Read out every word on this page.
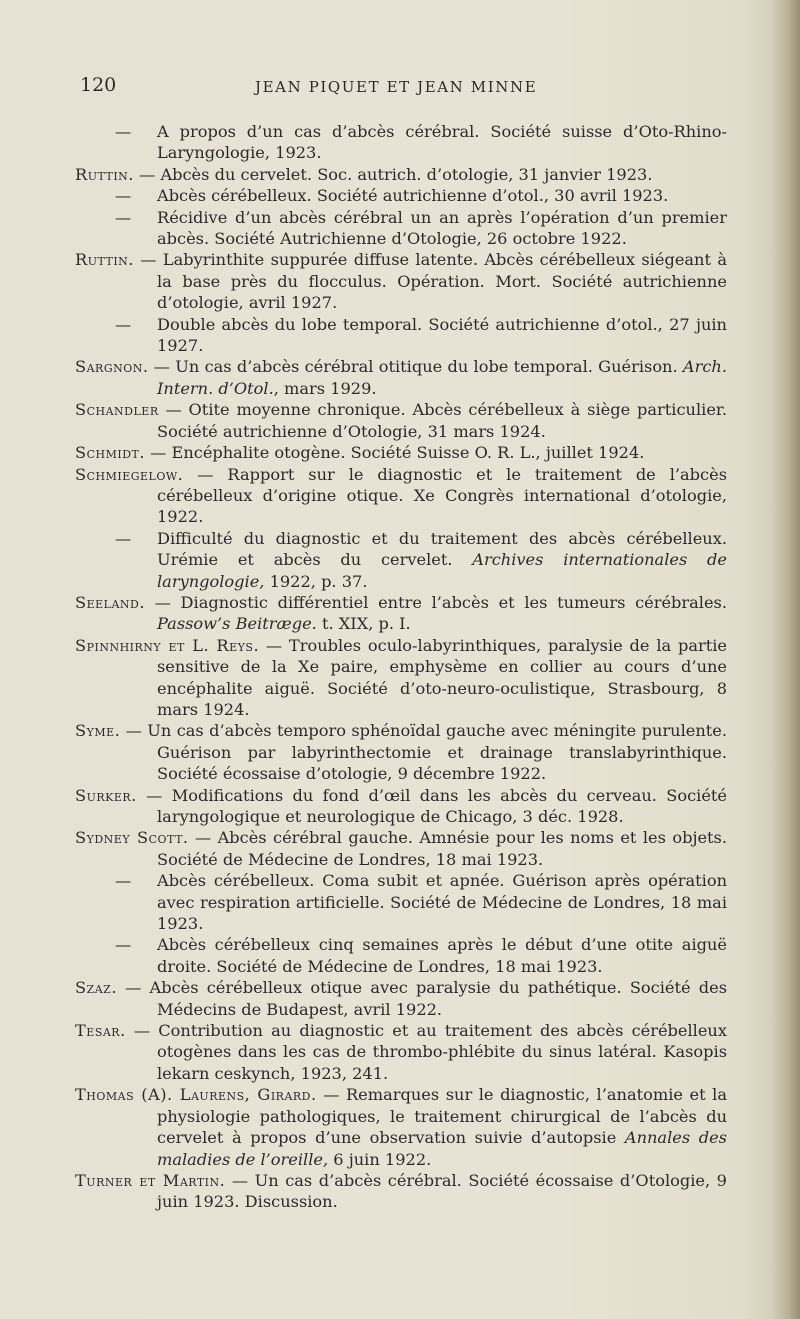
120	JEAN PIQUET ET JEAN MINNE
— A propos d’un cas d’abcès cérébral. Société suisse d’Oto-Rhino-Laryngologie, 1923.
Ruttin. — Abcès du cervelet. Soc. autrich. d’otologie, 31 janvier 1923.
— Abcès cérébelleux. Société autrichienne d’otol., 30 avril 1923.
— Récidive d’un abcès cérébral un an après l’opération d’un premier abcès. Société Autrichienne d’Otologie, 26 octobre 1922.
Ruttin. — Labyrinthite suppurée diffuse latente. Abcès cérébelleux siégeant à la base près du flocculus. Opération. Mort. Société autrichienne d’otologie, avril 1927.
— Double abcès du lobe temporal. Société autrichienne d’otol., 27 juin 1927.
Sargnon. — Un cas d’abcès cérébral otitique du lobe temporal. Guérison. Arch. Intern. d’Otol., mars 1929.
Schandler — Otite moyenne chronique. Abcès cérébelleux à siège particulier. Société autrichienne d’Otologie, 31 mars 1924.
Schmidt. — Encéphalite otogène. Société Suisse O. R. L., juillet 1924.
Schmiegelow. — Rapport sur le diagnostic et le traitement de l’abcès cérébelleux d’origine otique. Xe Congrès international d’otologie, 1922.
— Difficulté du diagnostic et du traitement des abcès cérébelleux. Urémie et abcès du cervelet. Archives internationales de laryngologie, 1922, p. 37.
Seeland. — Diagnostic différentiel entre l’abcès et les tumeurs cérébrales. Passow’s Beitræge. t. XIX, p. I.
Spinnhirny et L. Reys. — Troubles oculo-labyrinthiques, paralysie de la partie sensitive de la Xe paire, emphysème en collier au cours d’une encéphalite aiguë. Société d’oto-neuro-oculistique, Strasbourg, 8 mars 1924.
Syme. — Un cas d’abcès temporo sphénoïdal gauche avec méningite purulente. Guérison par labyrinthectomie et drainage translabyrinthique. Société écossaise d’otologie, 9 décembre 1922.
Surker. — Modifications du fond d’œil dans les abcès du cerveau. Société laryngologique et neurologique de Chicago, 3 déc. 1928.
Sydney Scott. — Abcès cérébral gauche. Amnésie pour les noms et les objets. Société de Médecine de Londres, 18 mai 1923.
— Abcès cérébelleux. Coma subit et apnée. Guérison après opération avec respiration artificielle. Société de Médecine de Londres, 18 mai 1923.
— Abcès cérébelleux cinq semaines après le début d’une otite aiguë droite. Société de Médecine de Londres, 18 mai 1923.
Szaz. — Abcès cérébelleux otique avec paralysie du pathétique. Société des Médecins de Budapest, avril 1922.
Tesar. — Contribution au diagnostic et au traitement des abcès cérébelleux otogènes dans les cas de thrombo-phlébite du sinus latéral. Kasopis lekarn ceskynch, 1923, 241.
Thomas (A). Laurens, Girard. — Remarques sur le diagnostic, l’anatomie et la physiologie pathologiques, le traitement chirurgical de l’abcès du cervelet à propos d’une observation suivie d’autopsie Annales des maladies de l’oreille, 6 juin 1922.
Turner et Martin. — Un cas d’abcès cérébral. Société écossaise d’Otologie, 9 juin 1923. Discussion.
